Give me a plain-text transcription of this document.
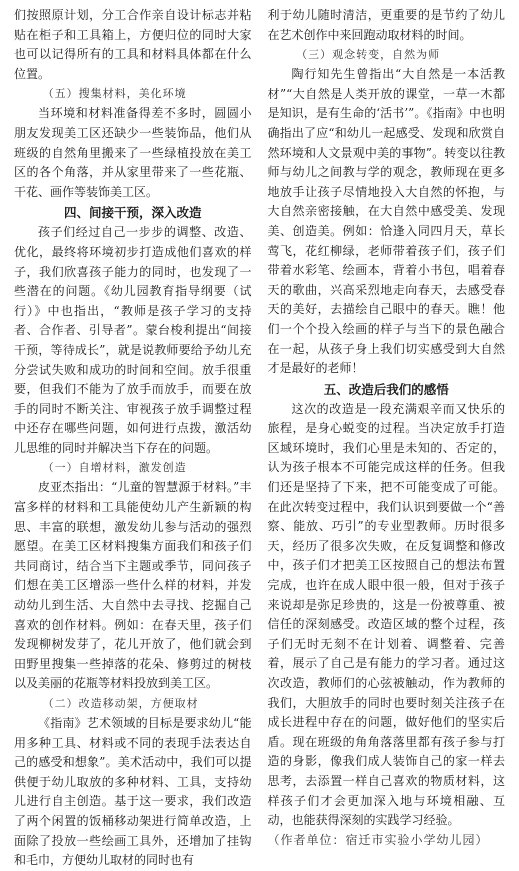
们按照原计划，分工合作亲自设计标志并粘贴在柜子和工具箱上，方便归位的同时大家也可以记得所有的工具和材料具体都在什么位置。

（五）搜集材料，美化环境

当环境和材料准备得差不多时，圆圆小朋友发现美工区还缺少一些装饰品，他们从班级的自然角里搬来了一些绿植投放在美工区的各个角落，并从家里带来了一些花瓶、干花、画作等装饰美工区。

四、间接干预，深入改造

孩子们经过自己一步步的调整、改造、优化，最终将环境初步打造成他们喜欢的样子，我们欣喜孩子能力的同时，也发现了一些潜在的问题。《幼儿园教育指导纲要（试行）》中也指出，“教师是孩子学习的支持者、合作者、引导者”。蒙台梭利提出“间接干预，等待成长”，就是说教师要给予幼儿充分尝试失败和成功的时间和空间。放手很重要，但我们不能为了放手而放手，而要在放手的同时不断关注、审视孩子放手调整过程中还存在哪些问题，如何进行点拨，激活幼儿思维的同时并解决当下存在的问题。

（一）自增材料，激发创造

皮亚杰指出：“儿童的智慧源于材料。”丰富多样的材料和工具能使幼儿产生新颖的构思、丰富的联想，激发幼儿参与活动的强烈愿望。在美工区材料搜集方面我们和孩子们共同商讨，结合当下主题或季节，同问孩子们想在美工区增添一些什么样的材料，并发动幼儿到生活、大自然中去寻找、挖掘自己喜欢的创作材料。例如：在春天里，孩子们发现柳树发芽了，花儿开放了，他们就会到田野里搜集一些掉落的花朵、修剪过的树枝以及美丽的花瓶等材料投放到美工区。

（二）改造移动架，方便取材

《指南》艺术领域的目标是要求幼儿“能用多种工具、材料或不同的表现手法表达自己的感受和想象”。美术活动中，我们可以提供便于幼儿取放的多种材料、工具，支持幼儿进行自主创造。基于这一要求，我们改造了两个闲置的饭桶移动架进行简单改造，上面除了投放一些绘画工具外，还增加了挂钩和毛巾，方便幼儿取材的同时也有

利于幼儿随时清洁，更重要的是节约了幼儿在艺术创作中来回跑动取材料的时间。

（三）观念转变，自然为师

陶行知先生曾指出“大自然是一本活教材”“大自然是人类开放的课堂，一草一木都是知识，是有生命的‘活书’”。《指南》中也明确指出了应“和幼儿一起感受、发现和欣赏自然环境和人文景观中美的事物”。转变以往教师与幼儿之间教与学的观念，教师现在更多地放手让孩子尽情地投入大自然的怀抱，与大自然亲密接触，在大自然中感受美、发现美、创造美。例如：恰逢入同四月天，草长莺飞，花红柳绿，老师带着孩子们，孩子们带着水彩笔、绘画本，背着小书包，唱着春天的歌曲，兴高采烈地走向春天，去感受春天的美好，去描绘自己眼中的春天。瞧！他们一个个投入绘画的样子与当下的景色融合在一起，从孩子身上我们切实感受到大自然才是最好的老师！

五、改造后我们的感悟

这次的改造是一段充满艰辛而又快乐的旅程，是身心蜕变的过程。当决定放手打造区域环境时，我们心里是未知的、否定的，认为孩子根本不可能完成这样的任务。但我们还是坚持了下来，把不可能变成了可能。在此次转变过程中，我们认识到要做一个“善察、能放、巧引”的专业型教师。历时很多天，经历了很多次失败，在反复调整和修改中，孩子们才把美工区按照自己的想法布置完成，也许在成人眼中很一般，但对于孩子来说却是弥足珍贵的，这是一份被尊重、被信任的深刻感受。改造区域的整个过程，孩子们无时无刻不在计划着、调整着、完善着，展示了自己是有能力的学习者。通过这次改造，教师们的心弦被触动，作为教师的我们，大胆放手的同时也要时刻关注孩子在成长进程中存在的问题，做好他们的坚实后盾。现在班级的角角落落里都有孩子参与打造的身影，像我们成人装饰自己的家一样去思考，去添置一样自己喜欢的物质材料，这样孩子们才会更加深入地与环境相融、互动，也能获得深刻的实践学习经验。

（作者单位：宿迁市实验小学幼儿园）
